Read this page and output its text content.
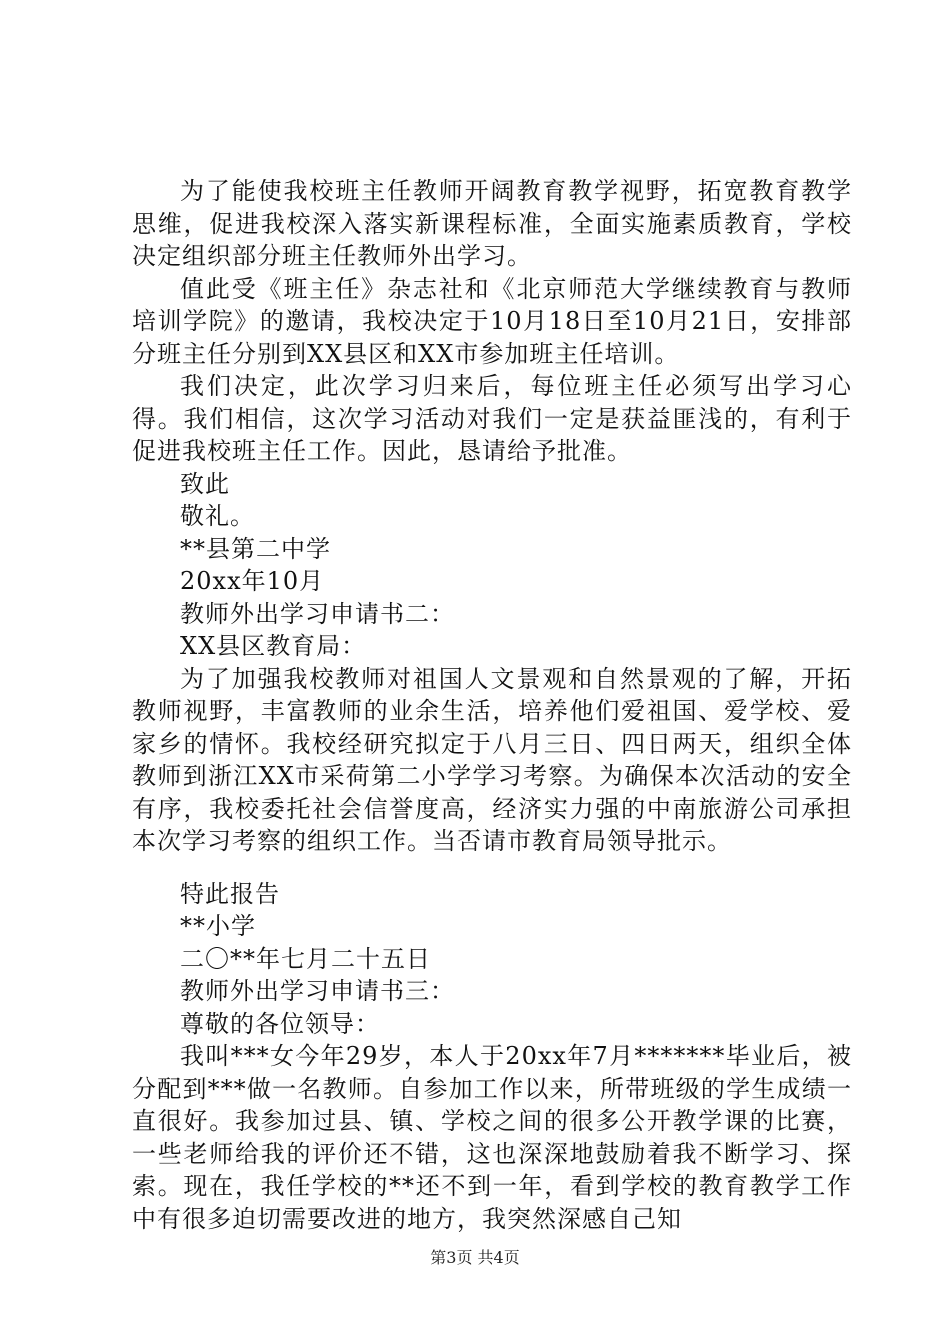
为了能使我校班主任教师开阔教育教学视野，拓宽教育教学思维，促进我校深入落实新课程标准，全面实施素质教育，学校决定组织部分班主任教师外出学习。

值此受《班主任》杂志社和《北京师范大学继续教育与教师培训学院》的邀请，我校决定于10月18日至10月21日，安排部分班主任分别到XX县区和XX市参加班主任培训。

我们决定，此次学习归来后，每位班主任必须写出学习心得。我们相信，这次学习活动对我们一定是获益匪浅的，有利于促进我校班主任工作。因此，恳请给予批准。

致此

敬礼。

**县第二中学

20xx年10月

教师外出学习申请书二：

XX县区教育局：

为了加强我校教师对祖国人文景观和自然景观的了解，开拓教师视野，丰富教师的业余生活，培养他们爱祖国、爱学校、爱家乡的情怀。我校经研究拟定于八月三日、四日两天，组织全体教师到浙江XX市采荷第二小学学习考察。为确保本次活动的安全有序，我校委托社会信誉度高，经济实力强的中南旅游公司承担本次学习考察的组织工作。当否请市教育局领导批示。

特此报告

**小学

二〇**年七月二十五日

教师外出学习申请书三：

尊敬的各位领导：

我叫***女今年29岁，本人于20xx年7月*******毕业后，被分配到***做一名教师。自参加工作以来，所带班级的学生成绩一直很好。我参加过县、镇、学校之间的很多公开教学课的比赛，一些老师给我的评价还不错，这也深深地鼓励着我不断学习、探索。现在，我任学校的**还不到一年，看到学校的教育教学工作中有很多迫切需要改进的地方，我突然深感自己知

第3页 共4页
